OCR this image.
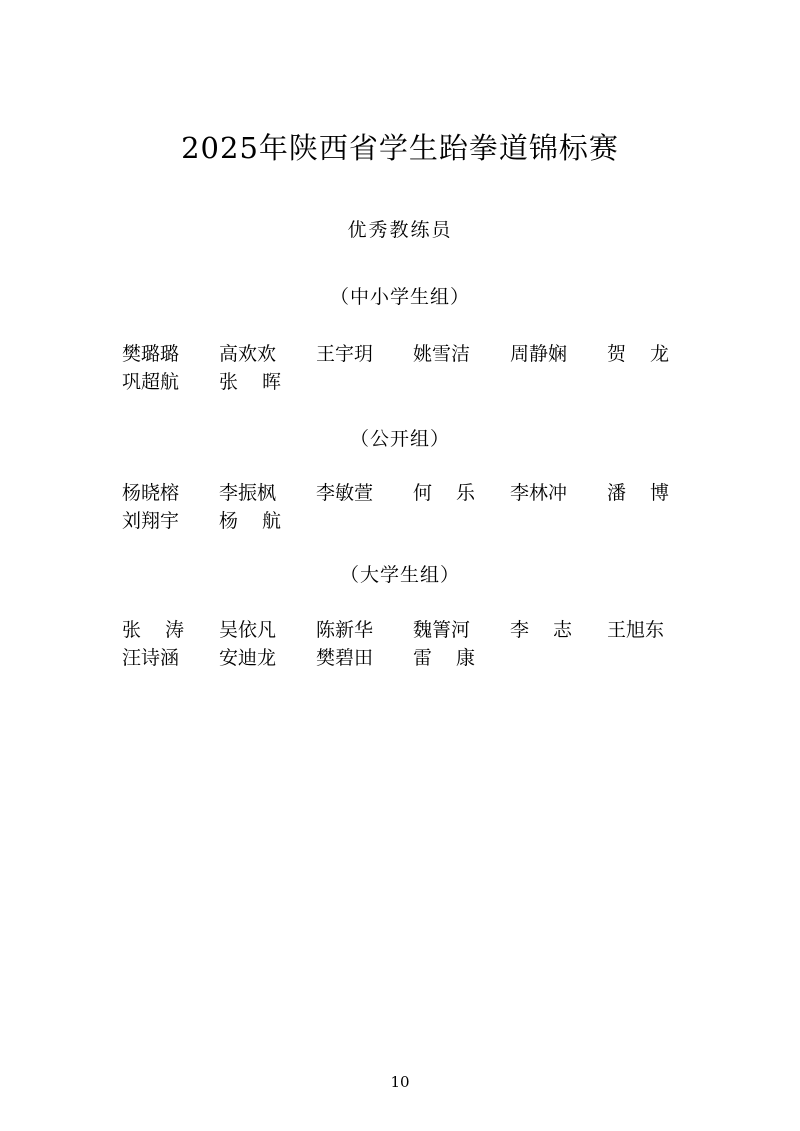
2025年陕西省学生跆拳道锦标赛
优秀教练员
（中小学生组）
樊璐璐 高欢欢 王宇玥 姚雪洁 周静娴 贺 龙
巩超航 张 晖
（公开组）
杨晓榕 李振枫 李敏萱 何 乐 李林冲 潘 博
刘翔宇 杨 航
（大学生组）
张 涛 吴依凡 陈新华 魏箐河 李 志 王旭东
汪诗涵 安迪龙 樊碧田 雷 康
10
